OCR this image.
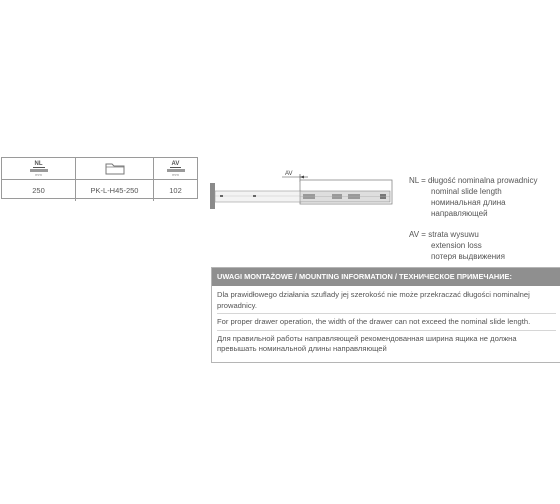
NL
mm
AV
mm
250	PK-L-H45-250	102
AV
NL = długość nominalna prowadnicy
nominal slide length
номинальная длина
направляющей
AV = strata wysuwu
extension loss
потеря выдвижения
UWAGI MONTAŻOWE / MOUNTING INFORMATION / ТЕХНИЧЕСКОЕ ПРИМЕЧАНИЕ:

Dla prawidłowego działania szuflady jej szerokość nie może przekraczać długości nominalnej prowadnicy.

For proper drawer operation, the width of the drawer can not exceed the nominal slide length.

Для правильной работы направляющей рекомендованная ширина ящика не должна превышать номинальной длины направляющей
